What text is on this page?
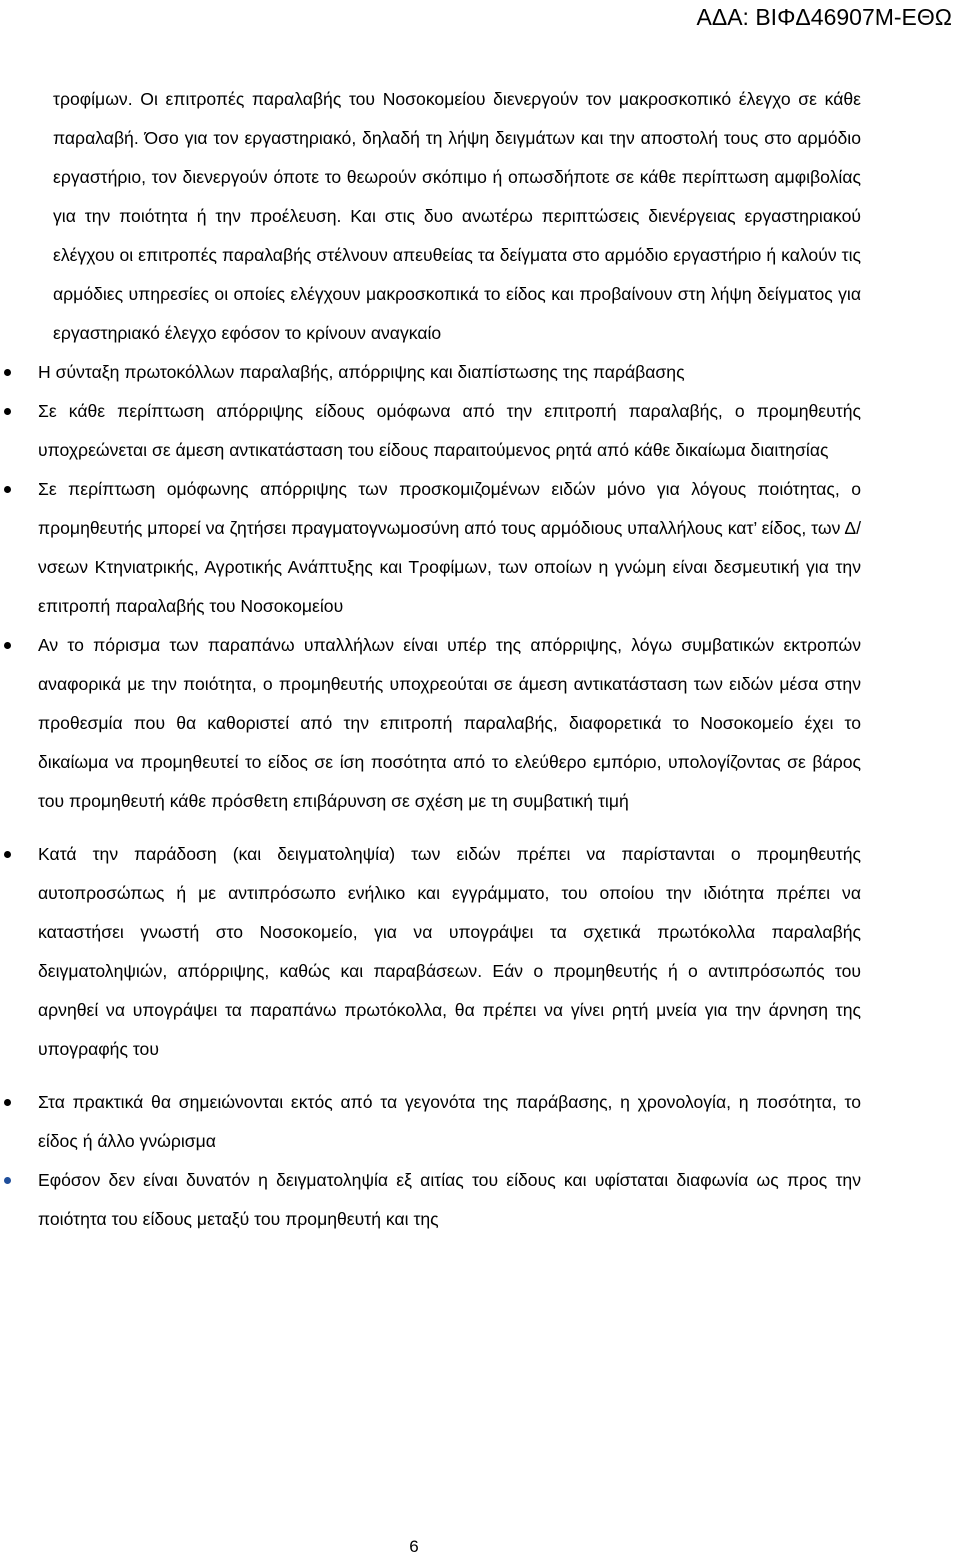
ΑΔΑ: ΒΙΦΔ46907Μ-ΕΘΩ

τροφίμων. Οι επιτροπές παραλαβής του Νοσοκομείου διενεργούν τον μακροσκοπικό έλεγχο σε κάθε παραλαβή. Όσο για τον εργαστηριακό, δηλαδή τη λήψη δειγμάτων και την αποστολή τους στο αρμόδιο εργαστήριο, τον διενεργούν όποτε το θεωρούν σκόπιμο ή οπωσδήποτε σε κάθε περίπτωση αμφιβολίας για την ποιότητα ή την προέλευση. Και στις δυο ανωτέρω περιπτώσεις διενέργειας εργαστηριακού ελέγχου οι επιτροπές παραλαβής στέλνουν απευθείας τα δείγματα στο αρμόδιο εργαστήριο ή καλούν τις αρμόδιες υπηρεσίες οι οποίες ελέγχουν μακροσκοπικά το είδος και προβαίνουν στη λήψη δείγματος για εργαστηριακό έλεγχο εφόσον το κρίνουν αναγκαίο

Η σύνταξη πρωτοκόλλων παραλαβής, απόρριψης και διαπίστωσης της παράβασης
Σε κάθε περίπτωση απόρριψης είδους ομόφωνα από την επιτροπή παραλαβής, ο προμηθευτής υποχρεώνεται σε άμεση αντικατάσταση του είδους παραιτούμενος ρητά από κάθε δικαίωμα διαιτησίας
Σε περίπτωση ομόφωνης απόρριψης των προσκομιζομένων ειδών μόνο για λόγους ποιότητας, ο προμηθευτής μπορεί να ζητήσει πραγματογνωμοσύνη από τους αρμόδιους υπαλλήλους κατ’ είδος, των Δ/νσεων Κτηνιατρικής, Αγροτικής Ανάπτυξης και Τροφίμων, των οποίων η γνώμη είναι δεσμευτική για την επιτροπή παραλαβής του Νοσοκομείου
Αν το πόρισμα των παραπάνω υπαλλήλων είναι υπέρ της απόρριψης, λόγω συμβατικών εκτροπών αναφορικά με την ποιότητα, ο προμηθευτής υποχρεούται σε άμεση αντικατάσταση των ειδών μέσα στην προθεσμία που θα καθοριστεί από την επιτροπή παραλαβής, διαφορετικά το Νοσοκομείο έχει το δικαίωμα να προμηθευτεί το είδος σε ίση ποσότητα από το ελεύθερο εμπόριο, υπολογίζοντας σε βάρος του προμηθευτή κάθε πρόσθετη επιβάρυνση σε σχέση με τη συμβατική τιμή
Κατά την παράδοση (και δειγματοληψία) των ειδών πρέπει να παρίστανται ο προμηθευτής αυτοπροσώπως ή με αντιπρόσωπο ενήλικο και εγγράμματο, του οποίου την ιδιότητα πρέπει να καταστήσει γνωστή στο Νοσοκομείο, για να υπογράψει τα σχετικά πρωτόκολλα παραλαβής δειγματοληψιών, απόρριψης, καθώς και παραβάσεων. Εάν ο προμηθευτής ή ο αντιπρόσωπός του αρνηθεί να υπογράψει τα παραπάνω πρωτόκολλα, θα πρέπει να γίνει ρητή μνεία για την άρνηση της υπογραφής του
Στα πρακτικά θα σημειώνονται εκτός από τα γεγονότα της παράβασης, η χρονολογία, η ποσότητα, το είδος ή άλλο γνώρισμα
Εφόσον δεν είναι δυνατόν η δειγματοληψία εξ αιτίας του είδους και υφίσταται διαφωνία ως προς την ποιότητα του είδους μεταξύ του προμηθευτή και της
6
